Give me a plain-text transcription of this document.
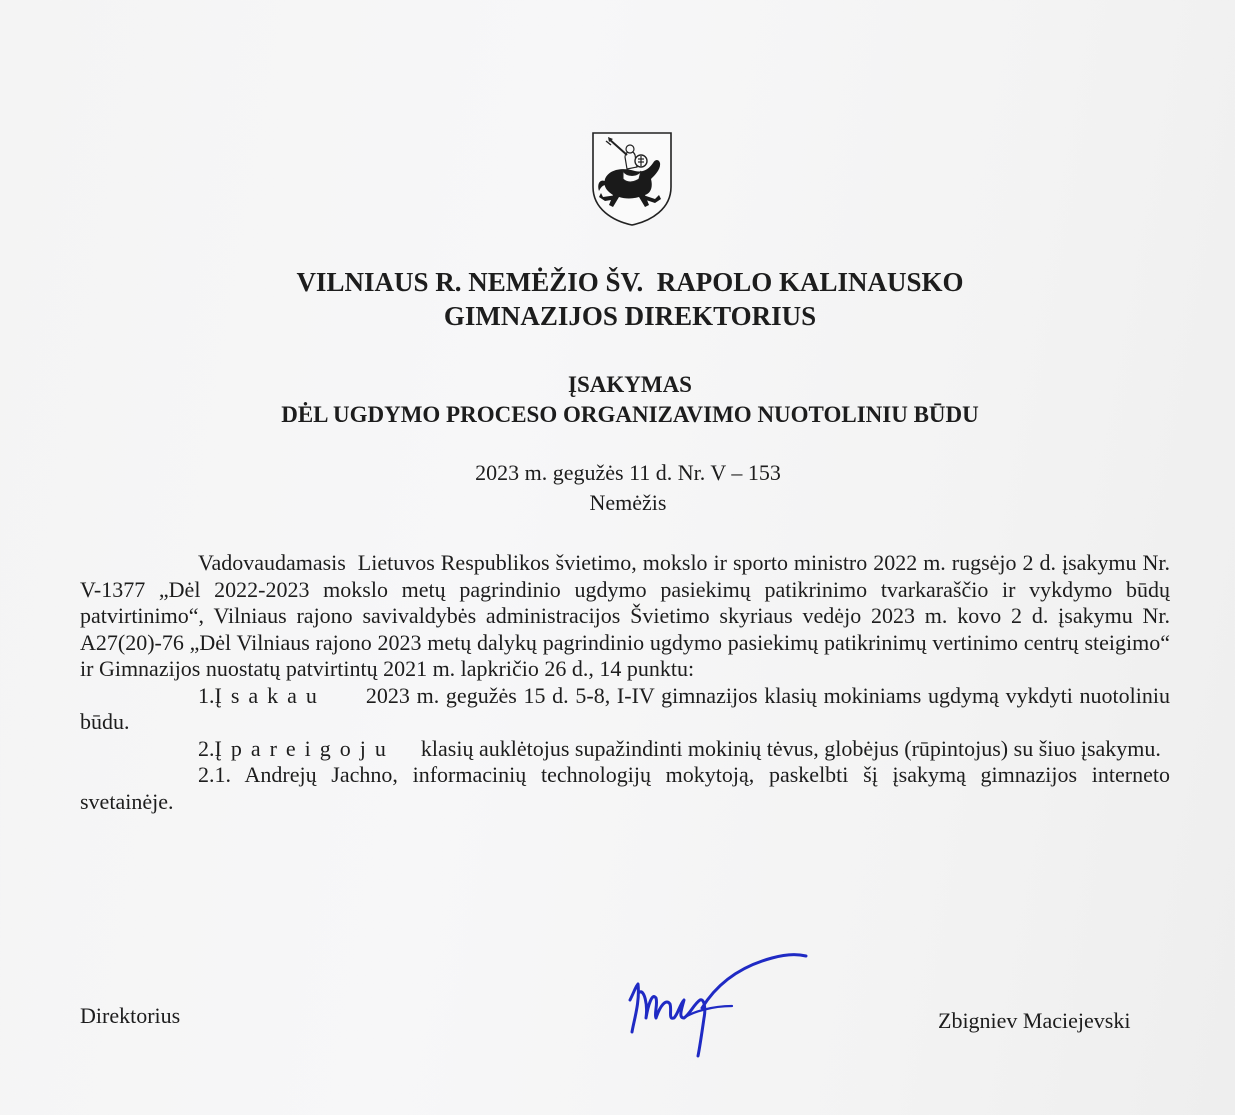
VILNIAUS R. NEMĖŽIO ŠV.  RAPOLO KALINAUSKO
GIMNAZIJOS DIREKTORIUS
ĮSAKYMAS
DĖL UGDYMO PROCESO ORGANIZAVIMO NUOTOLINIU BŪDU
2023 m. gegužės 11 d. Nr. V – 153
Nemėžis

Vadovaudamasis  Lietuvos Respublikos švietimo, mokslo ir sporto ministro 2022 m. rugsėjo 2 d. įsakymu Nr. V-1377 „Dėl 2022-2023 mokslo metų pagrindinio ugdymo pasiekimų patikrinimo tvarkaraščio ir vykdymo būdų patvirtinimo“, Vilniaus rajono savivaldybės administracijos Švietimo skyriaus vedėjo 2023 m. kovo 2 d. įsakymu Nr. A27(20)-76 „Dėl Vilniaus rajono 2023 metų dalykų pagrindinio ugdymo pasiekimų patikrinimų vertinimo centrų steigimo“ ir Gimnazijos nuostatų patvirtintų 2021 m. lapkričio 26 d., 14 punktu:

1.Įsakau 2023 m. gegužės 15 d. 5-8, I-IV gimnazijos klasių mokiniams ugdymą vykdyti nuotoliniu būdu.

2.Įpareigoju klasių auklėtojus supažindinti mokinių tėvus, globėjus (rūpintojus) su šiuo įsakymu.

2.1. Andrejų Jachno, informacinių technologijų mokytoją, paskelbti šį įsakymą gimnazijos interneto svetainėje.

Direktorius	Zbigniev Maciejevski
